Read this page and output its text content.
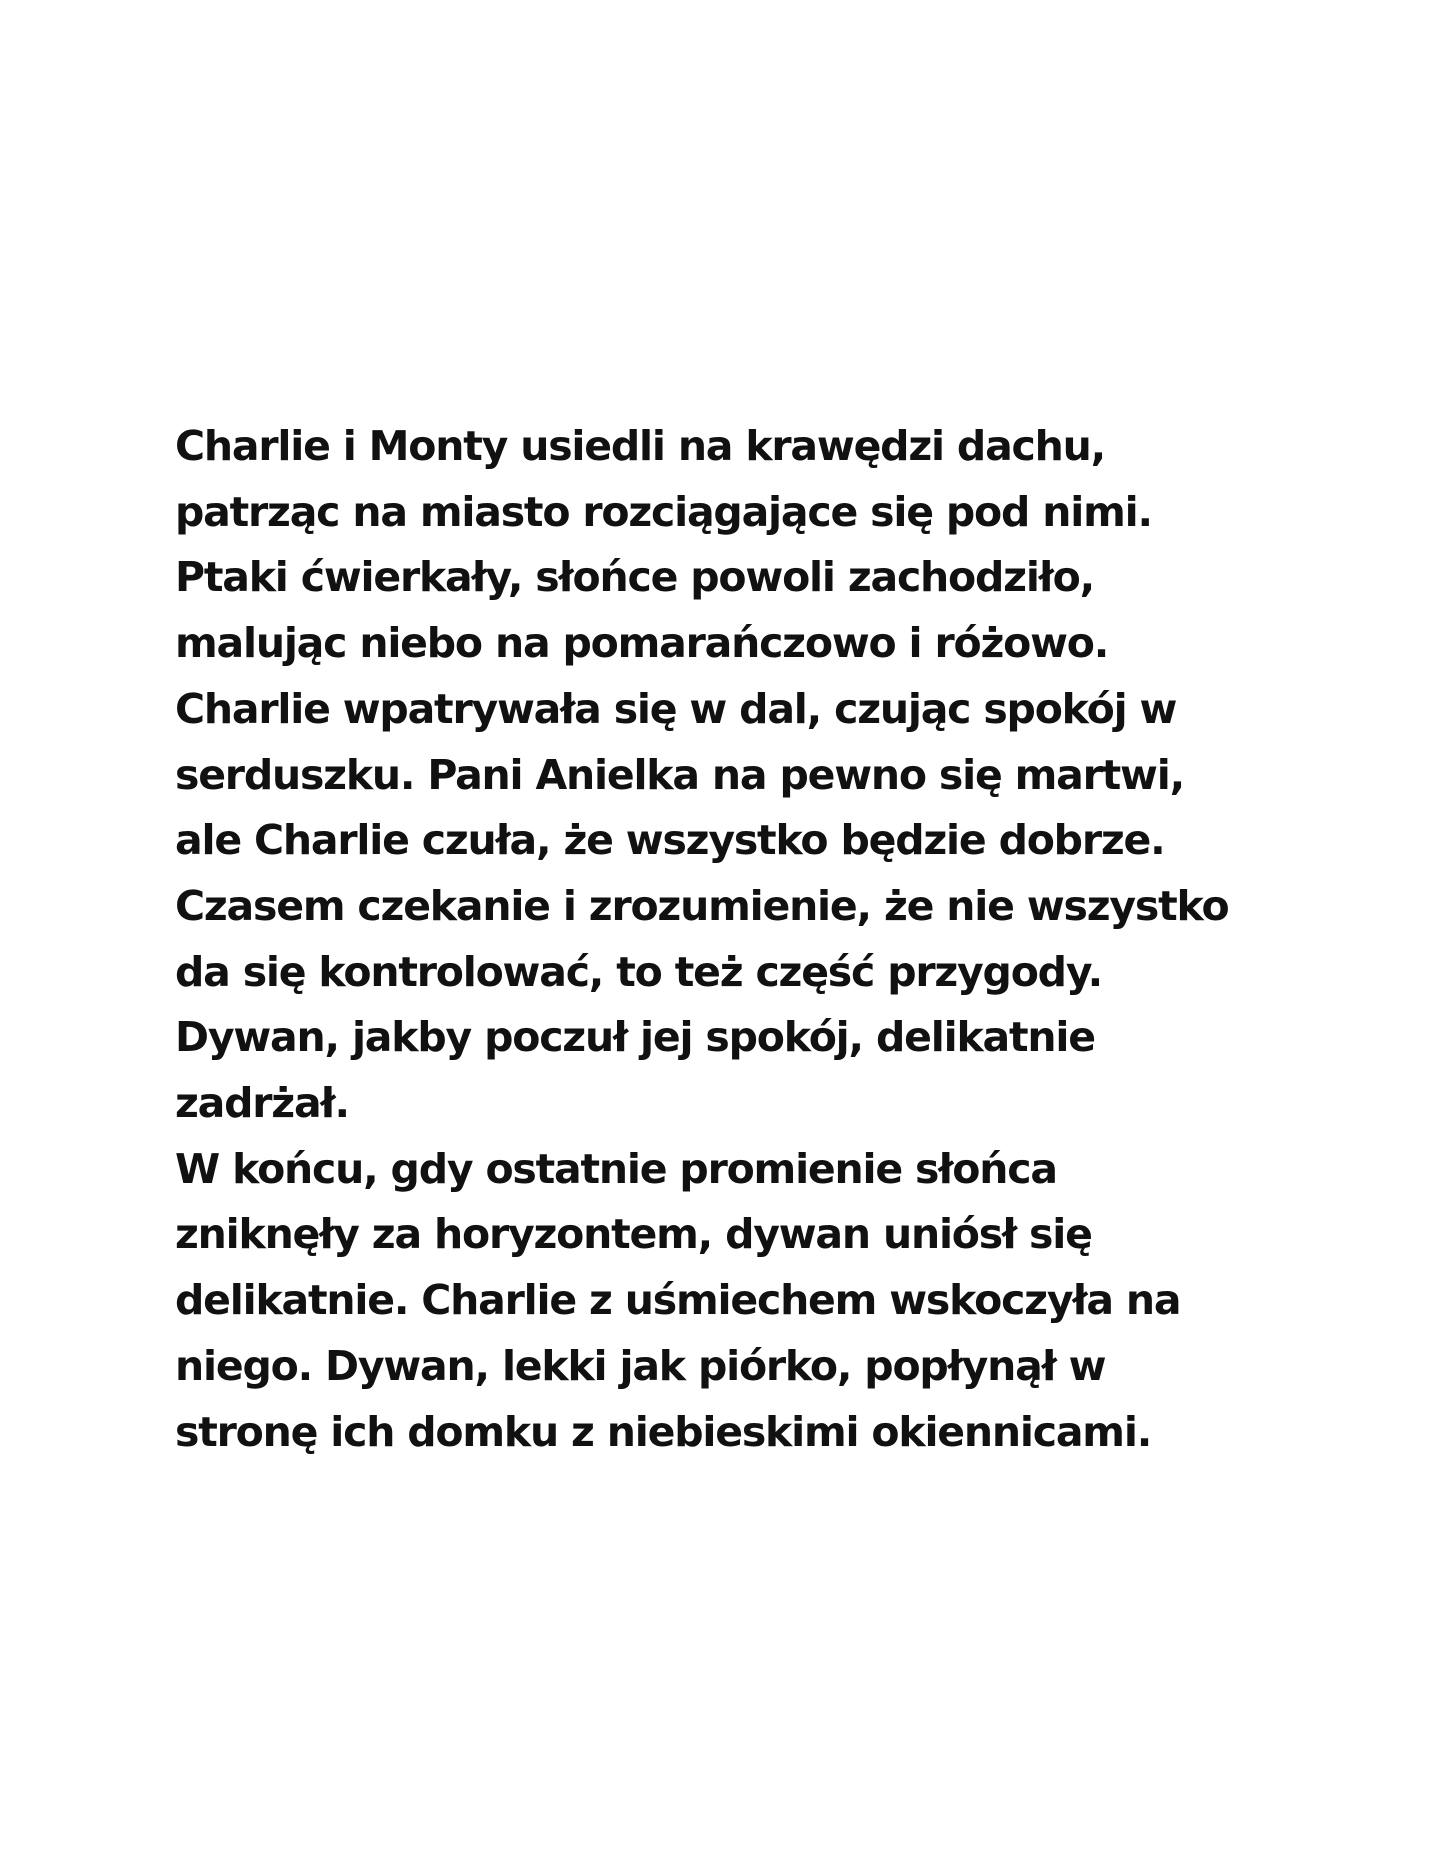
Charlie i Monty usiedli na krawędzi dachu,
patrząc na miasto rozciągające się pod nimi.
Ptaki ćwierkały, słońce powoli zachodziło,
malując niebo na pomarańczowo i różowo.
Charlie wpatrywała się w dal, czując spokój w
serduszku. Pani Anielka na pewno się martwi,
ale Charlie czuła, że wszystko będzie dobrze.
Czasem czekanie i zrozumienie, że nie wszystko
da się kontrolować, to też część przygody.
Dywan, jakby poczuł jej spokój, delikatnie
zadrżał.
W końcu, gdy ostatnie promienie słońca
zniknęły za horyzontem, dywan uniósł się
delikatnie. Charlie z uśmiechem wskoczyła na
niego. Dywan, lekki jak piórko, popłynął w
stronę ich domku z niebieskimi okiennicami.
